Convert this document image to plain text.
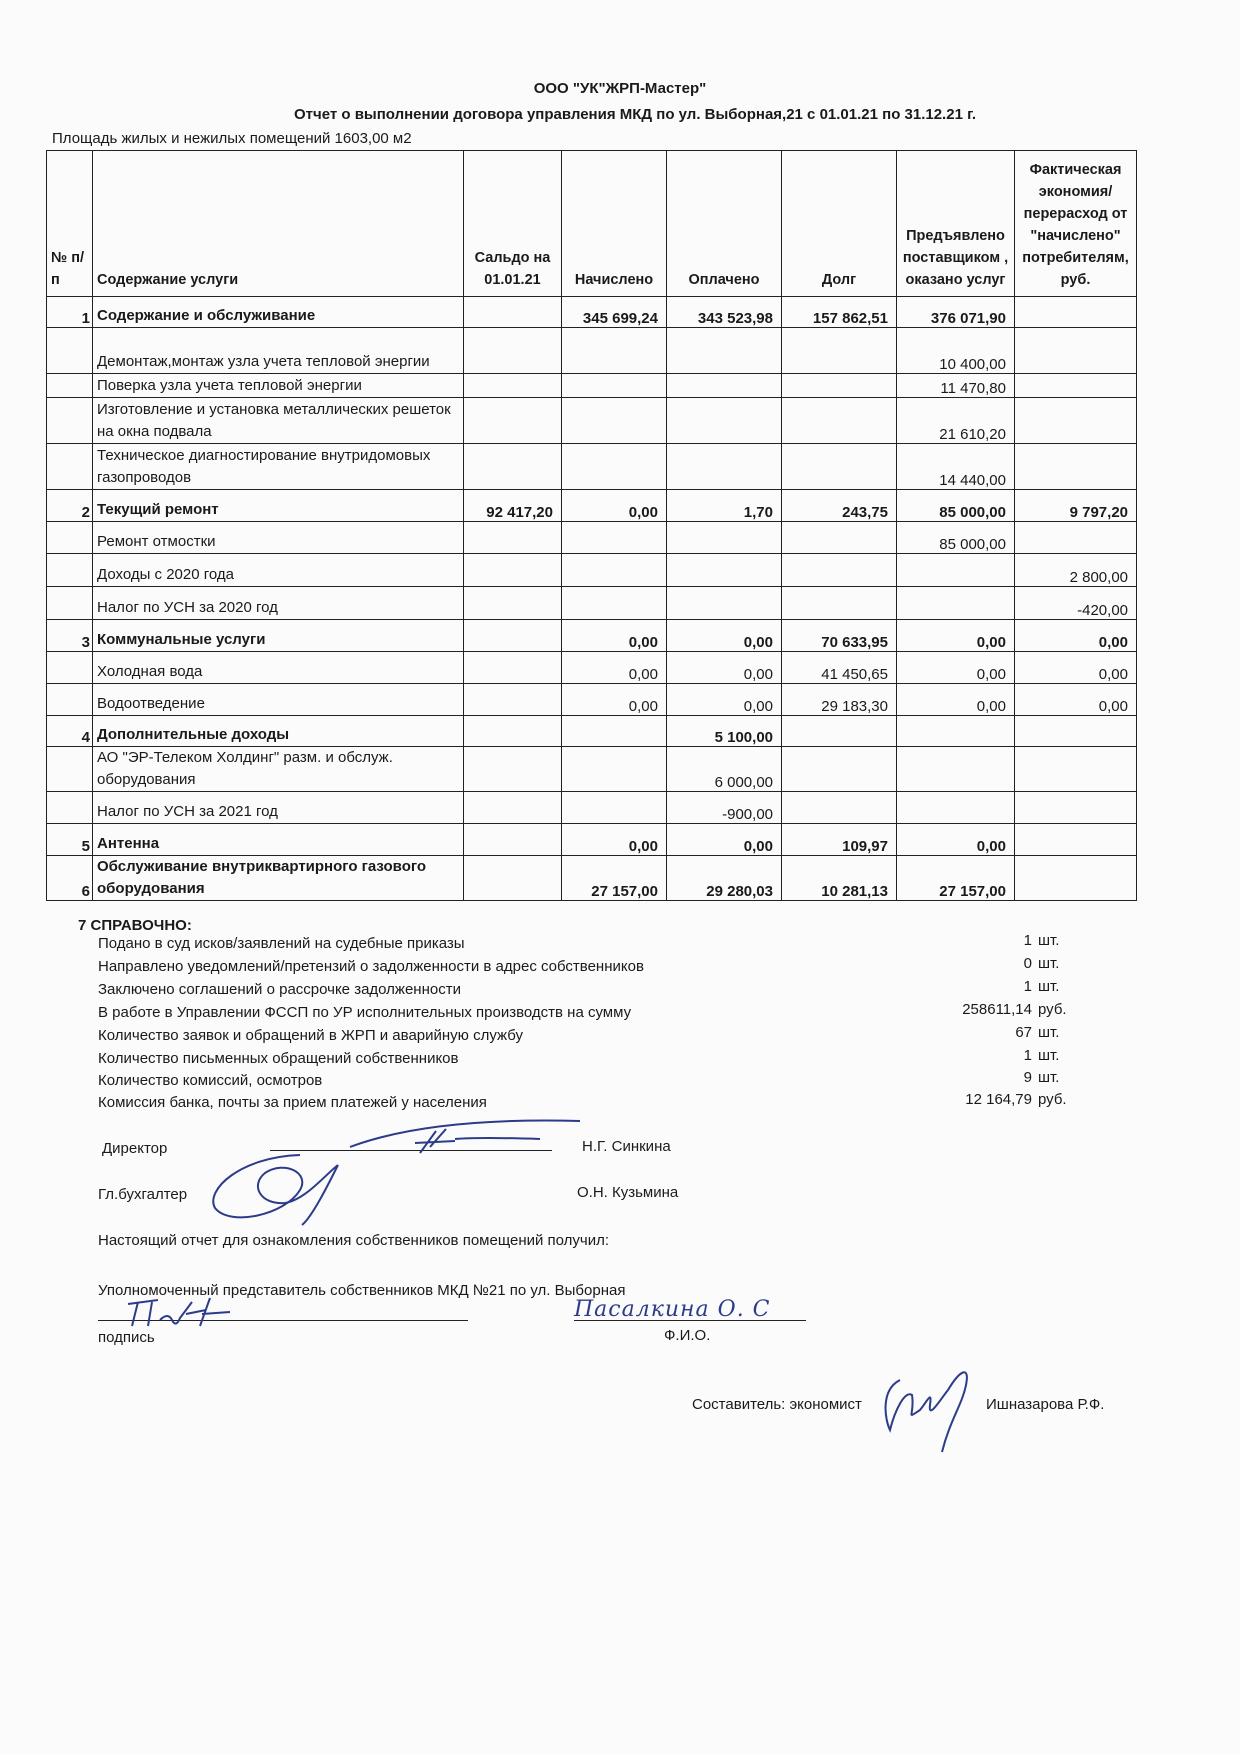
ООО "УК"ЖРП-Мастер"
Отчет о выполнении договора управления МКД по ул. Выборная,21 с 01.01.21 по 31.12.21 г.
Площадь жилых и нежилых помещений 1603,00 м2
№ п/п	Содержание услуги	Сальдо на 01.01.21	Начислено	Оплачено	Долг	Предъявлено поставщиком , оказано услуг	Фактическая экономия/перерасход от "начислено" потребителям, руб.
1	Содержание и обслуживание		345 699,24	343 523,98	157 862,51	376 071,90	
	Демонтаж,монтаж узла учета тепловой энергии					10 400,00	
	Поверка узла учета тепловой энергии					11 470,80	
	Изготовление и установка металлических решеток на окна подвала					21 610,20	
	Техническое диагностирование внутридомовых газопроводов					14 440,00	
2	Текущий ремонт	92 417,20	0,00	1,70	243,75	85 000,00	9 797,20
	Ремонт отмостки					85 000,00	
	Доходы с 2020 года						2 800,00
	Налог по УСН за 2020 год						-420,00
3	Коммунальные услуги		0,00	0,00	70 633,95	0,00	0,00
	Холодная вода		0,00	0,00	41 450,65	0,00	0,00
	Водоотведение		0,00	0,00	29 183,30	0,00	0,00
4	Дополнительные доходы			5 100,00			
	АО "ЭР-Телеком Холдинг" разм. и обслуж. оборудования			6 000,00			
	Налог по УСН за 2021 год			-900,00			
5	Антенна		0,00	0,00	109,97	0,00	
6	Обслуживание внутриквартирного газового оборудования		27 157,00	29 280,03	10 281,13	27 157,00	
7 СПРАВОЧНО:
Подано в суд исков/заявлений на судебные приказы	1 шт.
Направлено уведомлений/претензий о задолженности в адрес собственников	0 шт.
Заключено соглашений о рассрочке задолженности	1 шт.
В работе в Управлении ФССП по УР исполнительных производств на сумму	258611,14 руб.
Количество заявок и обращений в ЖРП и аварийную службу	67 шт.
Количество письменных обращений собственников	1 шт.
Количество комиссий, осмотров	9 шт.
Комиссия банка, почты за прием платежей у населения	12 164,79 руб.
Директор	Н.Г. Синкина
Гл.бухгалтер	О.Н. Кузьмина
Настоящий отчет для ознакомления собственников помещений получил:
Уполномоченный представитель собственников МКД №21 по ул. Выборная
Пасалкина О. С
подпись	Ф.И.О.
Составитель: экономист	Ишназарова Р.Ф.
